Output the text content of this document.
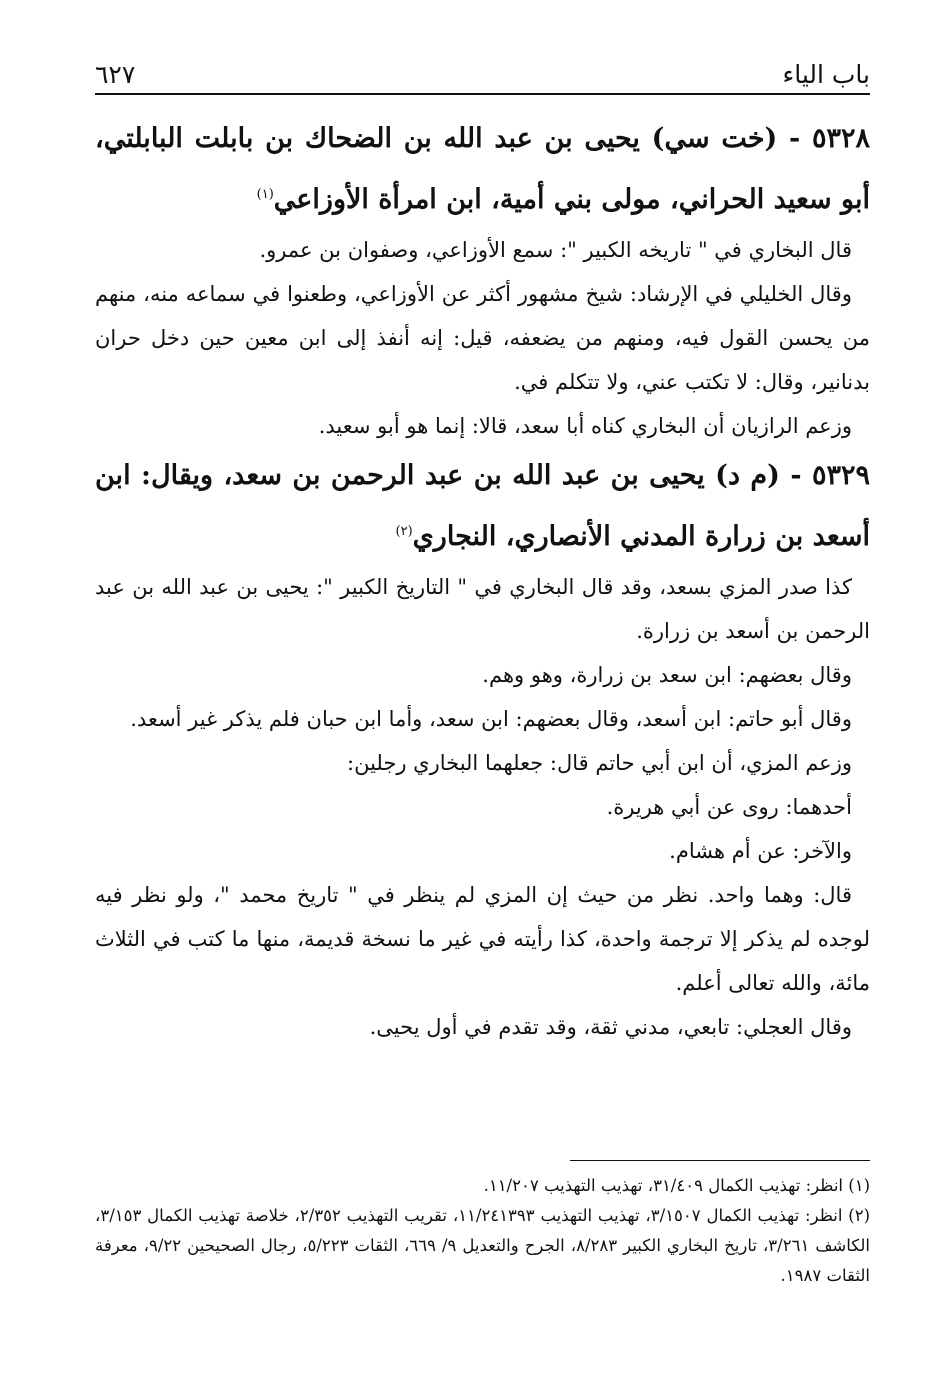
باب الياء
٦٢٧

٥٣٢٨ - (خت سي) يحيى بن عبد الله بن الضحاك بن بابلت البابلتي، أبو سعيد الحراني، مولى بني أمية، ابن امرأة الأوزاعي$^{(١)}$

قال البخاري في " تاريخه الكبير ": سمع الأوزاعي، وصفوان بن عمرو.

وقال الخليلي في الإرشاد: شيخ مشهور أكثر عن الأوزاعي، وطعنوا في سماعه منه، منهم من يحسن القول فيه، ومنهم من يضعفه، قيل: إنه أنفذ إلى ابن معين حين دخل حران بدنانير، وقال: لا تكتب عني، ولا تتكلم في.

وزعم الرازيان أن البخاري كناه أبا سعد، قالا: إنما هو أبو سعيد.

٥٣٢٩ - (م د) يحيى بن عبد الله بن عبد الرحمن بن سعد، ويقال: ابن أسعد بن زرارة المدني الأنصاري، النجاري$^{(٢)}$

كذا صدر المزي بسعد، وقد قال البخاري في " التاريخ الكبير ": يحيى بن عبد الله بن عبد الرحمن بن أسعد بن زرارة.

وقال بعضهم: ابن سعد بن زرارة، وهو وهم.

وقال أبو حاتم: ابن أسعد، وقال بعضهم: ابن سعد، وأما ابن حبان فلم يذكر غير أسعد.

وزعم المزي، أن ابن أبي حاتم قال: جعلهما البخاري رجلين:

أحدهما: روى عن أبي هريرة.

والآخر: عن أم هشام.

قال: وهما واحد. نظر من حيث إن المزي لم ينظر في " تاريخ محمد "، ولو نظر فيه لوجده لم يذكر إلا ترجمة واحدة، كذا رأيته في غير ما نسخة قديمة، منها ما كتب في الثلاث مائة، والله تعالى أعلم.

وقال العجلي: تابعي، مدني ثقة، وقد تقدم في أول يحيى.

(١) انظر: تهذيب الكمال ٣١/٤٠٩، تهذيب التهذيب ١١/٢٠٧.

(٢) انظر: تهذيب الكمال ٣/١٥٠٧، تهذيب التهذيب ١١/٢٤١٣٩٣، تقريب التهذيب ٢/٣٥٢، خلاصة تهذيب الكمال ٣/١٥٣، الكاشف ٣/٢٦١، تاريخ البخاري الكبير ٨/٢٨٣، الجرح والتعديل ٩/ ٦٦٩، الثقات ٥/٢٢٣، رجال الصحيحين ٩/٢٢، معرفة الثقات ١٩٨٧.
